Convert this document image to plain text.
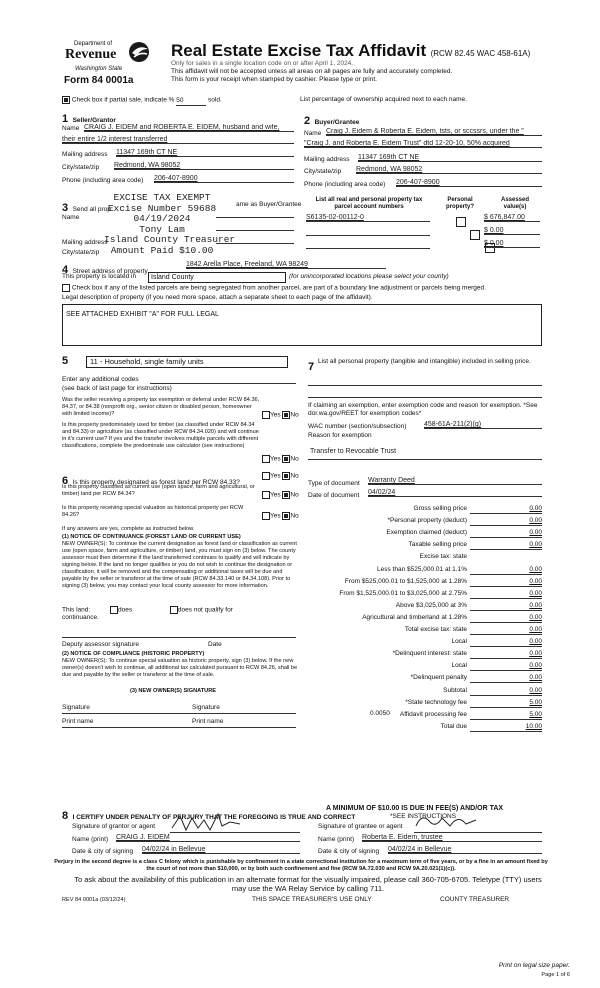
Department of
Revenue
Washington State
Form 84 0001a
Real Estate Excise Tax Affidavit (RCW 82.45 WAC 458-61A)
Only for sales in a single location code on or after April 1, 2024.
This affidavit will not be accepted unless all areas on all pages are fully and accurately completed.
This form is your receipt when stamped by cashier. Please type or print.
Check box if partial sale, indicate % 50	sold.	List percentage of ownership acquired next to each name.
1 Seller/Grantor
Name CRAIG J. EIDEM and ROBERTA E. EIDEM, husband and wife,
their entire 1/2 interest transferred
Mailing address 11347 169th CT NE
City/state/zip Redmond, WA 98052
Phone (including area code) 206-407-8900
2 Buyer/Grantee
Name Craig J. Eidem & Roberta E. Eidem, tsts, or sccssrs, under the "
"Craig J. and Roberta E. Eidem Trust" dtd 12-20-10, 50% acquired
Mailing address 11347 169th CT NE
City/state/zip Redmond, WA 98052
Phone (including area code) 206-407-8900
3 Send all prop
ame as Buyer/Grantee
Name
Mailing address
City/state/zip
EXCISE TAX EXEMPT
Excise Number 59688
04/19/2024
Tony Lam
Island County Treasurer
Amount Paid $10.00
List all real and personal property tax
parcel account numbers
Personal
property?
Assessed
value(s)
S6135-02-00112-0
	$ 676,847.00
$ 0.00
$ 0.00
4 Street address of property
1842 Arella Place, Freeland, WA 98249
This property is located in Island County	(for unincorporated locations please select your county)
Check box if any of the listed parcels are being segregated from another parcel, are part of a boundary line adjustment or parcels being merged.
Legal description of property (if you need more space, attach a separate sheet to each page of the affidavit).
SEE ATTACHED EXHIBIT "A" FOR FULL LEGAL
5	11 - Household, single family units
Enter any additional codes
(see back of last page for instructions)
Was the seller receiving a property tax exemption or deferral under RCW 84.36, 84.37, or 84.38 (nonprofit org., senior citizen or disabled person, homeowner with limited income)?	Yes No
Is this property predominately used for timber (as classified under RCW 84.34 and 84.33) or agriculture (as classified under RCW 84.34.020) and will continue in it's current use? If yes and the transfer involves multiple parcels with different classifications, complete the predominate use calculator (see instructions)
Yes No
6 Is this property designated as forest land per RCW 84.33?
Yes No
Is this property classified as current use (open space, farm and agricultural, or timber) land per RCW 84.34?	Yes No
Is this property receiving special valuation as historical property per RCW 84.26?	Yes No
If any answers are yes, complete as instructed below.
(1) NOTICE OF CONTINUANCE (FOREST LAND OR CURRENT USE)
NEW OWNER(S): To continue the current designation as forest land or classification as current use (open space, farm and agriculture, or timber) land, you must sign on (3) below. The county assessor must then determine if the land transferred continues to qualify and will indicate by signing below. If the land no longer qualifies or you do not wish to continue the designation or classification, it will be removed and the compensating or additional taxes will be due and payable by the seller or transferor at the time of sale (RCW 84.33.140 or 84.34.108). Prior to signing (3) below, you may contact your local county assessor for more information.
This land:	does	does not qualify for
continuance.
Deputy assessor signature	Date
(2) NOTICE OF COMPLIANCE (HISTORIC PROPERTY)
NEW OWNER(S): To continue special valuation as historic property, sign (3) below. If the new owner(s) doesn't wish to continue, all additional tax calculated pursuant to RCW 84.26, shall be due and payable by the seller or transferor at the time of sale.
(3) NEW OWNER(S) SIGNATURE
Signature	Signature
Print name	Print name
7 List all personal property (tangible and intangible) included in selling price.
If claiming an exemption, enter exemption code and reason for exemption. *See dor.wa.gov/REET for exemption codes*
WAC number (section/subsection)	458-61A-211(2)(g)
Reason for exemption
Transfer to Revocable Trust
Type of document Warranty Deed
Date of document 04/02/24
Gross selling price	0.00
*Personal property (deduct)	0.00
Exemption claimed (deduct)	0.00
Taxable selling price	0.00
Excise tax: state
Less than $525,000.01 at 1.1%	0.00
From $525,000.01 to $1,525,000 at 1.28%	0.00
From $1,525,000.01 to $3,025,000 at 2.75%	0.00
Above $3,025,000 at 3%	0.00
Agricultural and timberland at 1.28%	0.00
Total excise tax: state	0.00
Local	0.00
*Delinquent interest: state	0.00
Local	0.00
*Delinquent penalty	0.00
Subtotal	0.00
*State technology fee	5.00
Affidavit processing fee	5.00
Total due	10.00
0.0050
A MINIMUM OF $10.00 IS DUE IN FEE(S) AND/OR TAX
*SEE INSTRUCTIONS
8 I CERTIFY UNDER PENALTY OF PERJURY THAT THE FOREGOING IS TRUE AND CORRECT
Signature of grantor or agent
Name (print) CRAIG J. EIDEM
Date & city of signing 04/02/24 in Bellevue
Signature of grantee or agent
Name (print) Roberta E. Eidem, trustee
Date & city of signing 04/02/24 in Bellevue
Perjury in the second degree is a class C felony which is punishable by confinement in a state correctional institution for a maximum term of five years, or by a fine in an amount fixed by the court of not more than $10,000, or by both such confinement and fine (RCW 9A.72.030 and RCW 9A.20.021(1)(c)).
To ask about the availability of this publication in an alternate format for the visually impaired, please call 360-705-6705. Teletype (TTY) users may use the WA Relay Service by calling 711.
REV 84 0001a (03/12/24)	THIS SPACE TREASURER'S USE ONLY	COUNTY TREASURER
Print on legal size paper.
Page 1 of 6
